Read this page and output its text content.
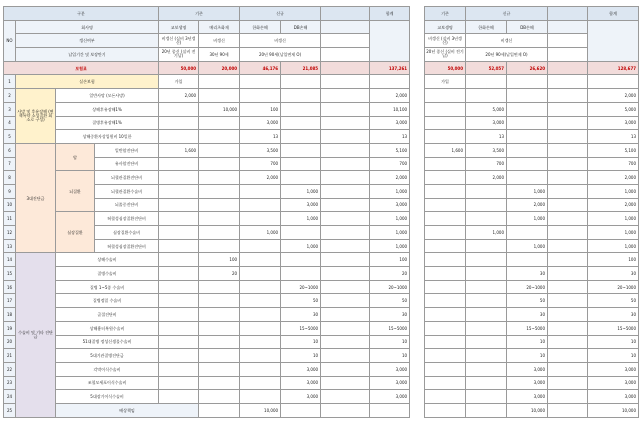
구분				기존		신규			합계	
NO	회사명			교보생명	메리츠화재	한화손해	DB손해			
	갱신여부			비갱신 (실비 3년갱신)	비갱신	비갱신				
	납입기간 및 보장만기			20년 종신 (실비 전기납)	30년 90세	20년 90세(납입면제 O)				
보험료				50,000	20,000	46,176	21,085		137,261	
1	실손보험			가입						
2	사망 및 후유장해 (면책특약 소성질환 회소로 구성)	일반사망 (모든사망)		2,000					2,000	
3		상해후유장해1%			10,000	100			10,100	
4		질병후유장해1%				3,000			3,000	
5		상해중환자상입원비 10일한				13			13	
6	3대진단금	암	일반암진단비	1,600		3,500			5,100	
7			유사암진단비			700			700	
8		뇌질환	뇌혈관질환진단비			2,000			2,000	
9			뇌혈관질환수술비				1,000		1,000	
10			뇌졸중진단비				3,000		3,000	
11		심장질환	허혈성심장질환진단비				1,000		1,000	
12			심장질환수술비			1,000			1,000	
13			허혈성심장질환진단비				1,000		1,000	
14	수술비 및 기타 진단금	상해수술비			100				100	
15		질병수술비			20				20	
16		질병 1~5종 수술비					20~1000		20~1000	
17		질병정밀 수술비					50		50	
18		골절진단비					30		30	
19		상해흉터복원수술비					15~5000		15~5000	
20		51대질병 정성신생물수술비					10		10	
21		5대기관질병진단금					10		10	
22		각막이식수술비					3,000		3,000	
23		조혈모세포이식수술비					3,000		3,000	
24		5대장기이식수술비					3,000		3,000	
25		배상책임				10,000				
기존	신규			합계
교보생명	한화손해	DB손해		
비갱신 (실비 3년갱신)	비갱신			
20년 종신 (실비 전기납)	20년 90세(납입면제 O)			
50,000	52,057	26,620		128,677
가입				
				2,000
	5,000			5,000
	3,000			3,000
	13			13
1,600	3,500			5,100
	700			700
	2,000			2,000
		1,000		1,000
		2,000		2,000
		1,000		1,000
	1,000			1,000
		1,000		1,000
				100
		30		30
		20~1000		20~1000
		50		50
		30		30
		15~5000		15~5000
		10		10
		10		10
		3,000		3,000
		3,000		3,000
		3,000		3,000
		10,000		10,000
